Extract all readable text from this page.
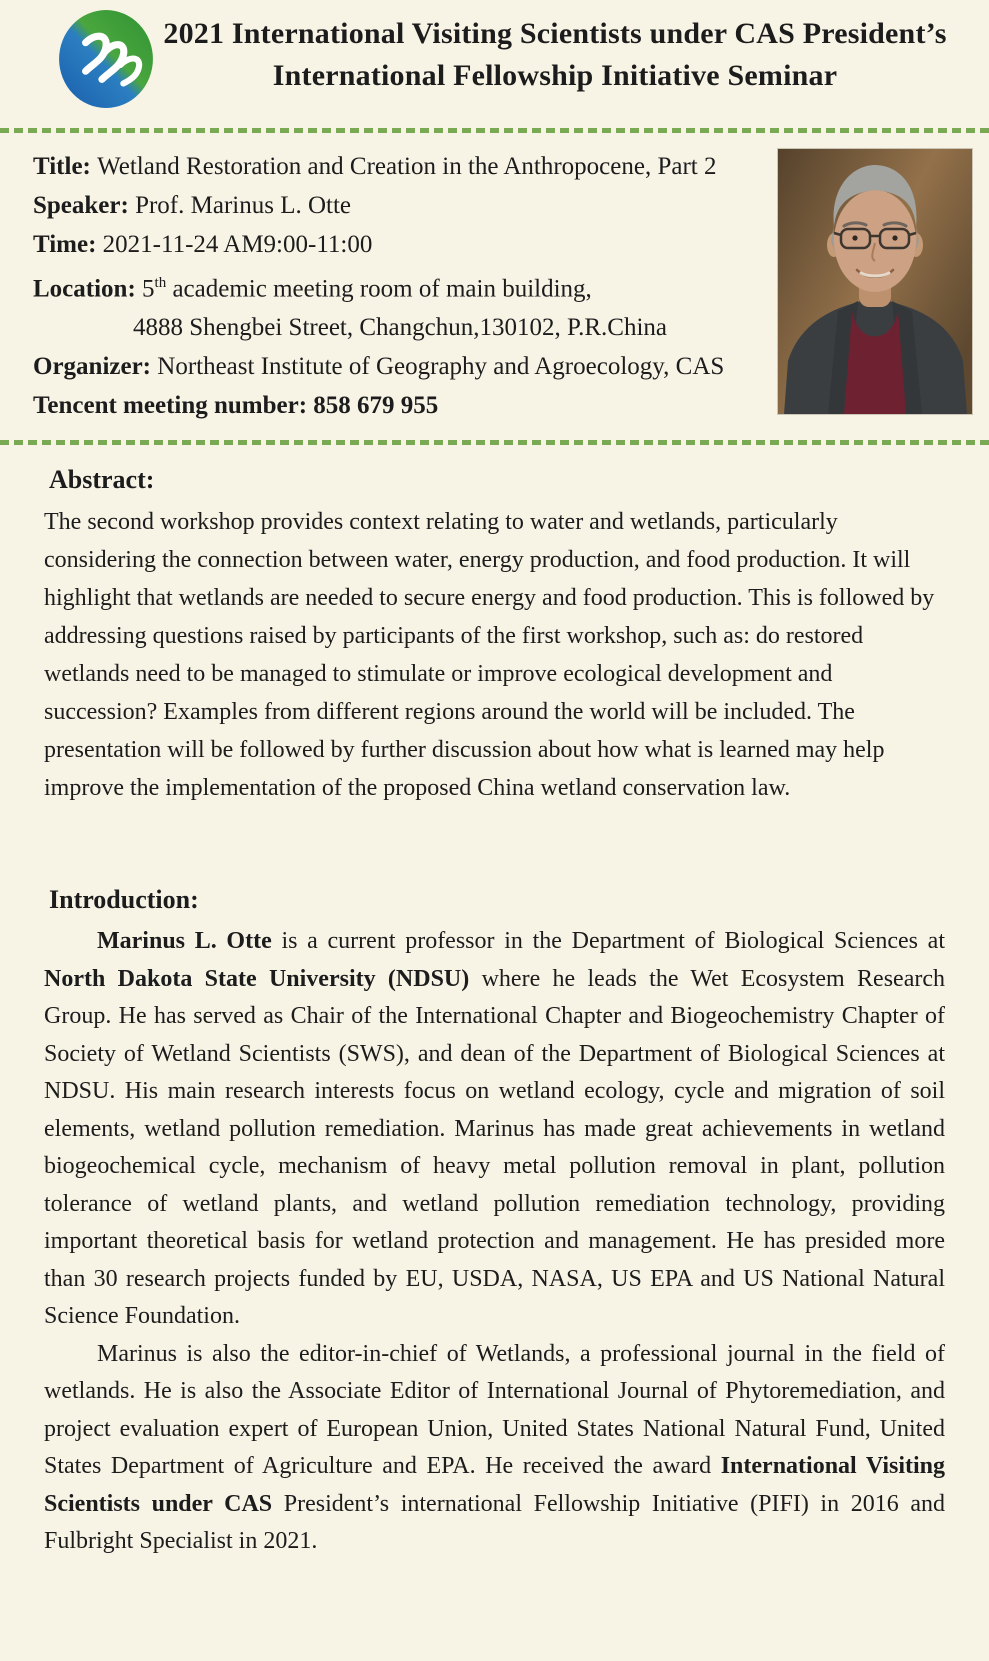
2021 International Visiting Scientists under CAS President’s
International Fellowship Initiative Seminar
Title: Wetland Restoration and Creation in the Anthropocene, Part 2
Speaker: Prof. Marinus L. Otte
Time: 2021-11-24 AM9:00-11:00
Location: 5th academic meeting room of main building,
4888 Shengbei Street, Changchun,130102, P.R.China
Organizer: Northeast Institute of Geography and Agroecology, CAS
Tencent meeting number: 858 679 955
Abstract:

The second workshop provides context relating to water and wetlands, particularly considering the connection between water, energy production, and food production. It will highlight that wetlands are needed to secure energy and food production. This is followed by addressing questions raised by participants of the first workshop, such as: do restored wetlands need to be managed to stimulate or improve ecological development and succession? Examples from different regions around the world will be included. The presentation will be followed by further discussion about how what is learned may help improve the implementation of the proposed China wetland conservation law.

Introduction:

Marinus L. Otte is a current professor in the Department of Biological Sciences at North Dakota State University (NDSU) where he leads the Wet Ecosystem Research Group. He has served as Chair of the International Chapter and Biogeochemistry Chapter of Society of Wetland Scientists (SWS), and dean of the Department of Biological Sciences at NDSU. His main research interests focus on wetland ecology, cycle and migration of soil elements, wetland pollution remediation. Marinus has made great achievements in wetland biogeochemical cycle, mechanism of heavy metal pollution removal in plant, pollution tolerance of wetland plants, and wetland pollution remediation technology, providing important theoretical basis for wetland protection and management. He has presided more than 30 research projects funded by EU, USDA, NASA, US EPA and US National Natural Science Foundation.

Marinus is also the editor-in-chief of Wetlands, a professional journal in the field of wetlands. He is also the Associate Editor of International Journal of Phytoremediation, and project evaluation expert of European Union, United States National Natural Fund, United States Department of Agriculture and EPA. He received the award International Visiting Scientists under CAS President’s international Fellowship Initiative (PIFI) in 2016 and Fulbright Specialist in 2021.
